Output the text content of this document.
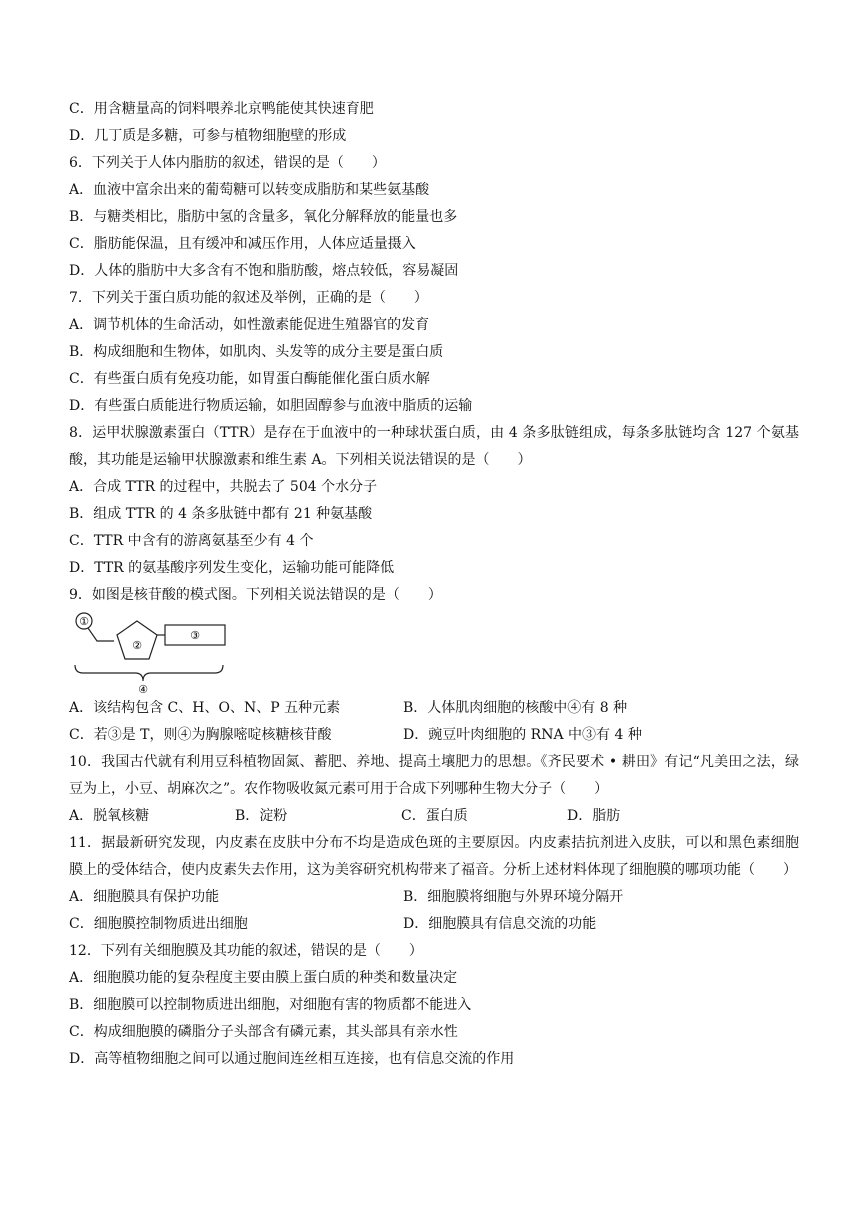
C．用含糖量高的饲料喂养北京鸭能使其快速育肥
D．几丁质是多糖，可参与植物细胞壁的形成
6．下列关于人体内脂肪的叙述，错误的是（　　）
A．血液中富余出来的葡萄糖可以转变成脂肪和某些氨基酸
B．与糖类相比，脂肪中氢的含量多，氧化分解释放的能量也多
C．脂肪能保温，且有缓冲和减压作用，人体应适量摄入
D．人体的脂肪中大多含有不饱和脂肪酸，熔点较低，容易凝固
7．下列关于蛋白质功能的叙述及举例，正确的是（　　）
A．调节机体的生命活动，如性激素能促进生殖器官的发育
B．构成细胞和生物体，如肌肉、头发等的成分主要是蛋白质
C．有些蛋白质有免疫功能，如胃蛋白酶能催化蛋白质水解
D．有些蛋白质能进行物质运输，如胆固醇参与血液中脂质的运输
8．运甲状腺激素蛋白（TTR）是存在于血液中的一种球状蛋白质，由 4 条多肽链组成，每条多肽链均含 127 个氨基酸，其功能是运输甲状腺激素和维生素 A。下列相关说法错误的是（　　）
A．合成 TTR 的过程中，共脱去了 504 个水分子
B．组成 TTR 的 4 条多肽链中都有 21 种氨基酸
C．TTR 中含有的游离氨基至少有 4 个
D．TTR 的氨基酸序列发生变化，运输功能可能降低
9．如图是核苷酸的模式图。下列相关说法错误的是（　　）
①
②
③
④
A．该结构包含 C、H、O、N、P 五种元素	B．人体肌肉细胞的核酸中④有 8 种
C．若③是 T，则④为胸腺嘧啶核糖核苷酸	D．豌豆叶肉细胞的 RNA 中③有 4 种
10．我国古代就有利用豆科植物固氮、蓄肥、养地、提高土壤肥力的思想。《齐民要术 • 耕田》有记“凡美田之法，绿豆为上，小豆、胡麻次之”。农作物吸收氮元素可用于合成下列哪种生物大分子（　　）
A．脱氧核糖	B．淀粉	C．蛋白质	D．脂肪
11．据最新研究发现，内皮素在皮肤中分布不均是造成色斑的主要原因。内皮素拮抗剂进入皮肤，可以和黑色素细胞膜上的受体结合，使内皮素失去作用，这为美容研究机构带来了福音。分析上述材料体现了细胞膜的哪项功能（　　）
A．细胞膜具有保护功能	B．细胞膜将细胞与外界环境分隔开
C．细胞膜控制物质进出细胞	D．细胞膜具有信息交流的功能
12．下列有关细胞膜及其功能的叙述，错误的是（　　）
A．细胞膜功能的复杂程度主要由膜上蛋白质的种类和数量决定
B．细胞膜可以控制物质进出细胞，对细胞有害的物质都不能进入
C．构成细胞膜的磷脂分子头部含有磷元素，其头部具有亲水性
D．高等植物细胞之间可以通过胞间连丝相互连接，也有信息交流的作用
